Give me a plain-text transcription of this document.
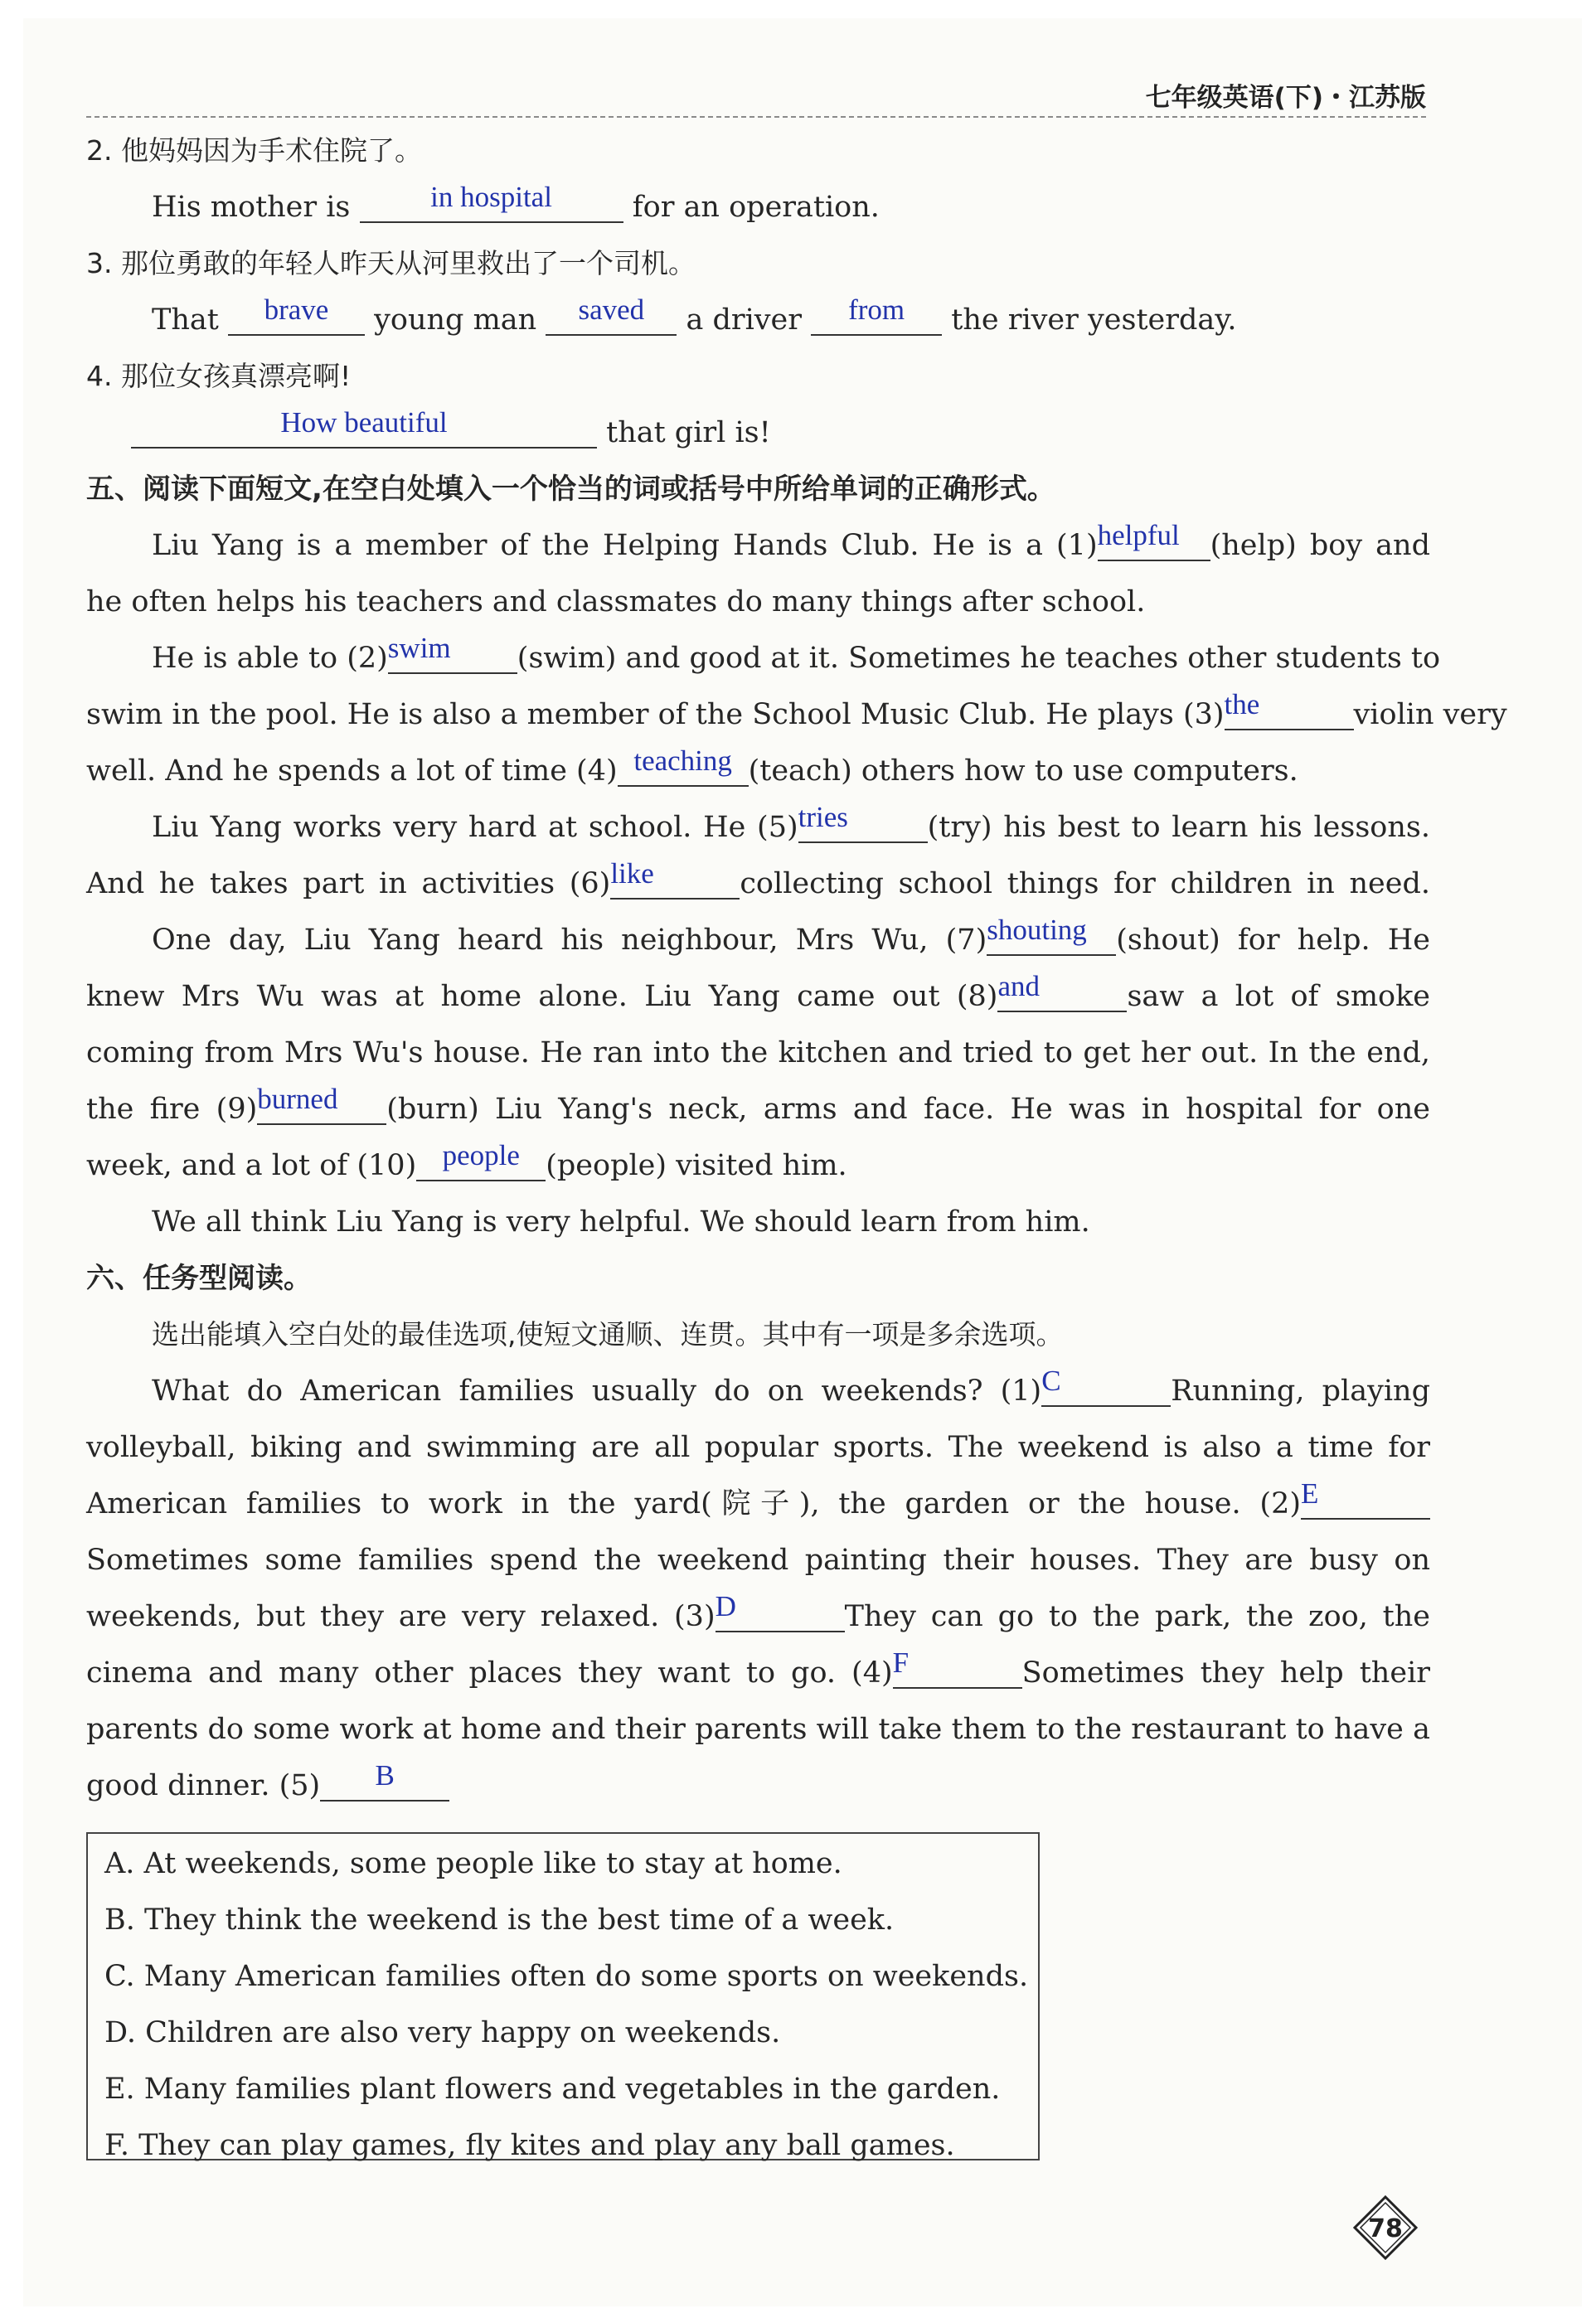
七年级英语(下)・江苏版
2. 他妈妈因为手术住院了。
His mother is	in hospital	for an operation.
3. 那位勇敢的年轻人昨天从河里救出了一个司机。
That	brave	young man	saved	a driver	from	the river yesterday.
4. 那位女孩真漂亮啊!
How beautiful	that girl is!
五、阅读下面短文,在空白处填入一个恰当的词或括号中所给单词的正确形式。
Liu Yang is a member of the Helping Hands Club. He is a (1) helpful	(help) boy and
he often helps his teachers and classmates do many things after school.
He is able to (2) swim	(swim) and good at it. Sometimes he teaches other students to
swim in the pool. He is also a member of the School Music Club. He plays (3) the	violin very
well. And he spends a lot of time (4) teaching (teach) others how to use computers.
Liu Yang works very hard at school. He (5) tries	(try) his best to learn his lessons.
And he takes part in activities (6) like	collecting school things for children in need.
One day, Liu Yang heard his neighbour, Mrs Wu, (7) shouting	(shout) for help. He
knew Mrs Wu was at home alone. Liu Yang came out (8) and	saw a lot of smoke
coming from Mrs Wu's house. He ran into the kitchen and tried to get her out. In the end,
the fire (9) burned	(burn) Liu Yang's neck, arms and face. He was in hospital for one
week, and a lot of (10) people (people) visited him.
We all think Liu Yang is very helpful. We should learn from him.
六、任务型阅读。
选出能填入空白处的最佳选项,使短文通顺、连贯。其中有一项是多余选项。
What do American families usually do on weekends? (1) C	Running, playing
volleyball, biking and swimming are all popular sports. The weekend is also a time for
American families to work in the yard(院子), the garden or the house. (2) E
Sometimes some families spend the weekend painting their houses. They are busy on
weekends, but they are very relaxed. (3) D	They can go to the park, the zoo, the
cinema and many other places they want to go. (4) F	Sometimes they help their
parents do some work at home and their parents will take them to the restaurant to have a
good dinner. (5)	B
A. At weekends, some people like to stay at home.
B. They think the weekend is the best time of a week.
C. Many American families often do some sports on weekends.
D. Children are also very happy on weekends.
E. Many families plant flowers and vegetables in the garden.
F. They can play games, fly kites and play any ball games.
78
